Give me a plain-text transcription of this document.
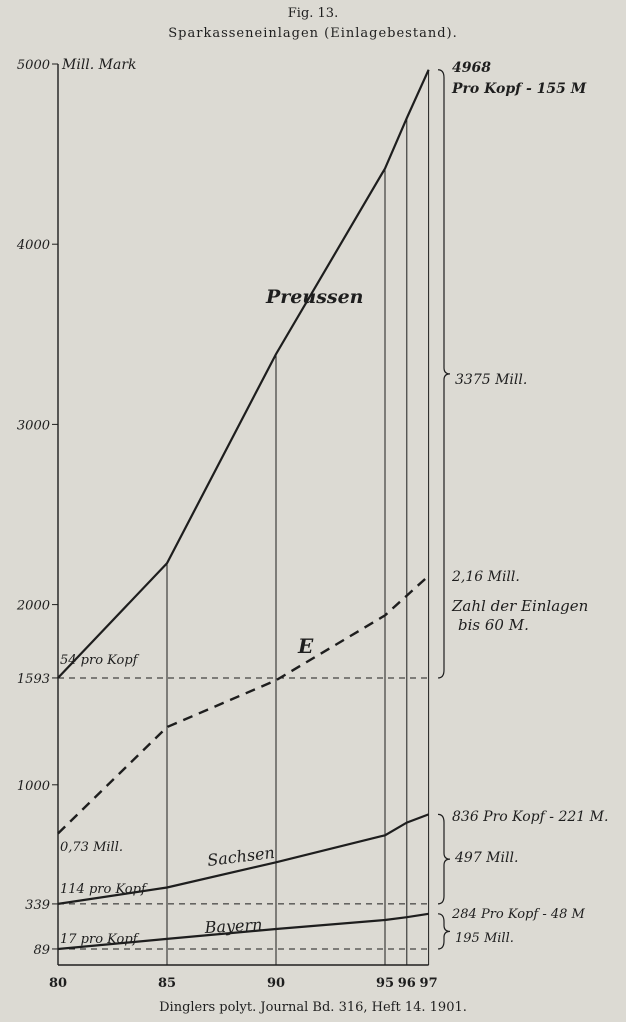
Fig. 13.
Sparkasseneinlagen (Einlagebestand).
5000
4000
3000
2000
1593
1000
339
89
80	85	90	95 96 97
Mill. Mark
Preussen
E
Sachsen
Bayern
4968
Pro Kopf - 155 M
3375 Mill.
2,16 Mill.
Zahl der Einlagen
bis 60 M.
54 pro Kopf
0,73 Mill.
836 Pro Kopf - 221 M.
497 Mill.
114 pro Kopf
284 Pro Kopf - 48 M
195 Mill.
17 pro Kopf
Dinglers polyt. Journal Bd. 316, Heft 14. 1901.
